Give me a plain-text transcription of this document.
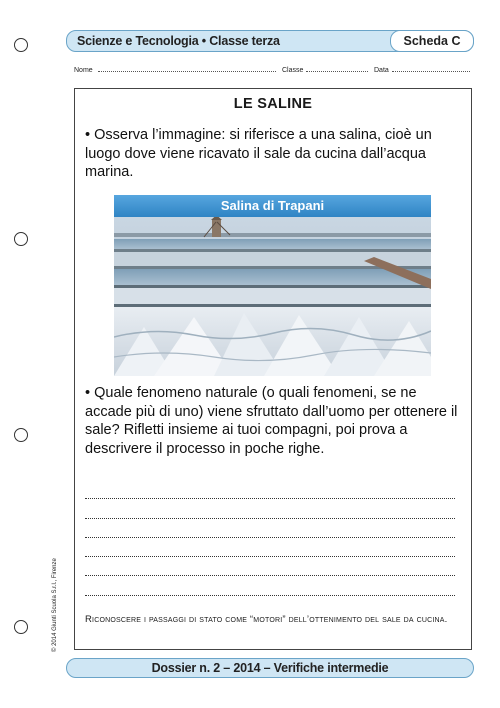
Scienze e Tecnologia • Classe terza	Scheda C
Nome	Classe	Data
LE SALINE
• Osserva l’immagine: si riferisce a una salina, cioè un luogo dove viene ricavato il sale da cucina dall’acqua marina.
Salina di Trapani
• Quale fenomeno naturale (o quali fenomeni, se ne accade più di uno) viene sfruttato dall’uomo per ottenere il sale? Rifletti insieme ai tuoi compagni, poi prova a descrivere il processo in poche righe.
Riconoscere i passaggi di stato come “motori” dell’ottenimento del sale da cucina.
© 2014 Giunti Scuola S.r.l., Firenze
Dossier n. 2 – 2014 – Verifiche intermedie
